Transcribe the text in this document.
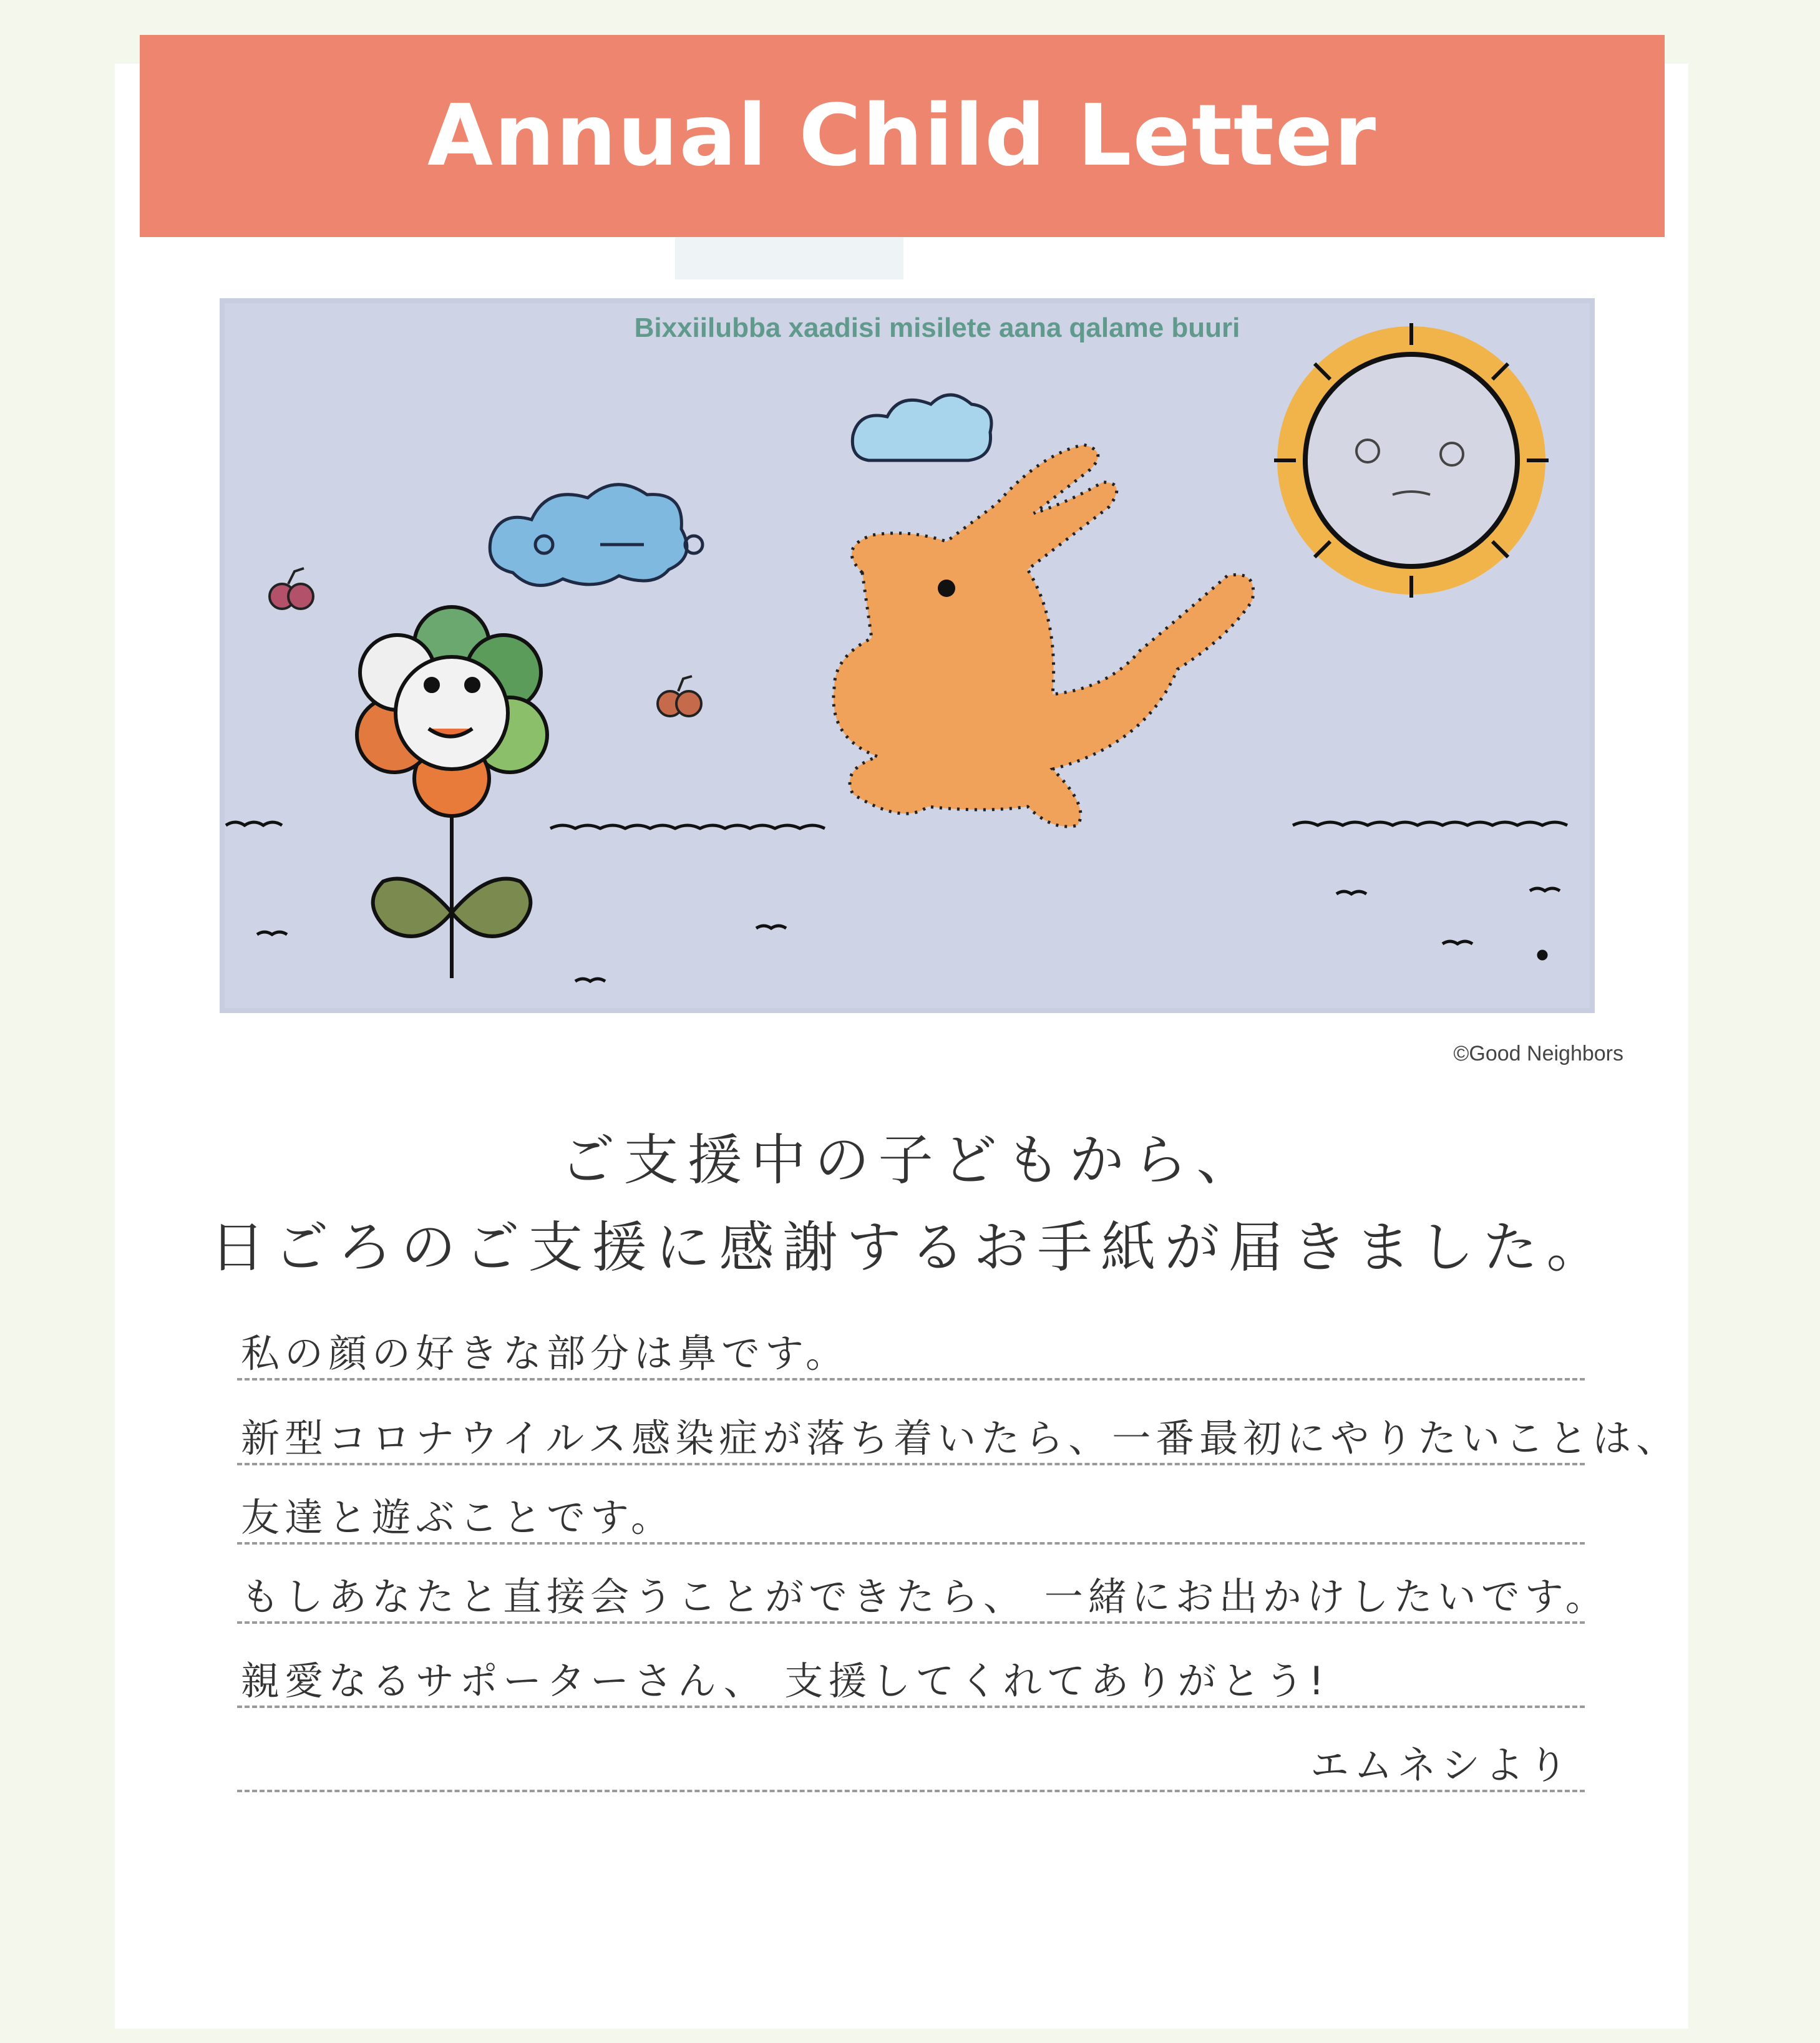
Annual Child Letter
Bixxiilubba xaadisi misilete aana qalame buuri
©Good Neighbors
ご支援中の子どもから、
日ごろのご支援に感謝するお手紙が届きました。
私の顔の好きな部分は鼻です。
新型コロナウイルス感染症が落ち着いたら、一番最初にやりたいことは、
友達と遊ぶことです。
もしあなたと直接会うことができたら、 一緒にお出かけしたいです。
親愛なるサポーターさん、 支援してくれてありがとう!
エムネシより
